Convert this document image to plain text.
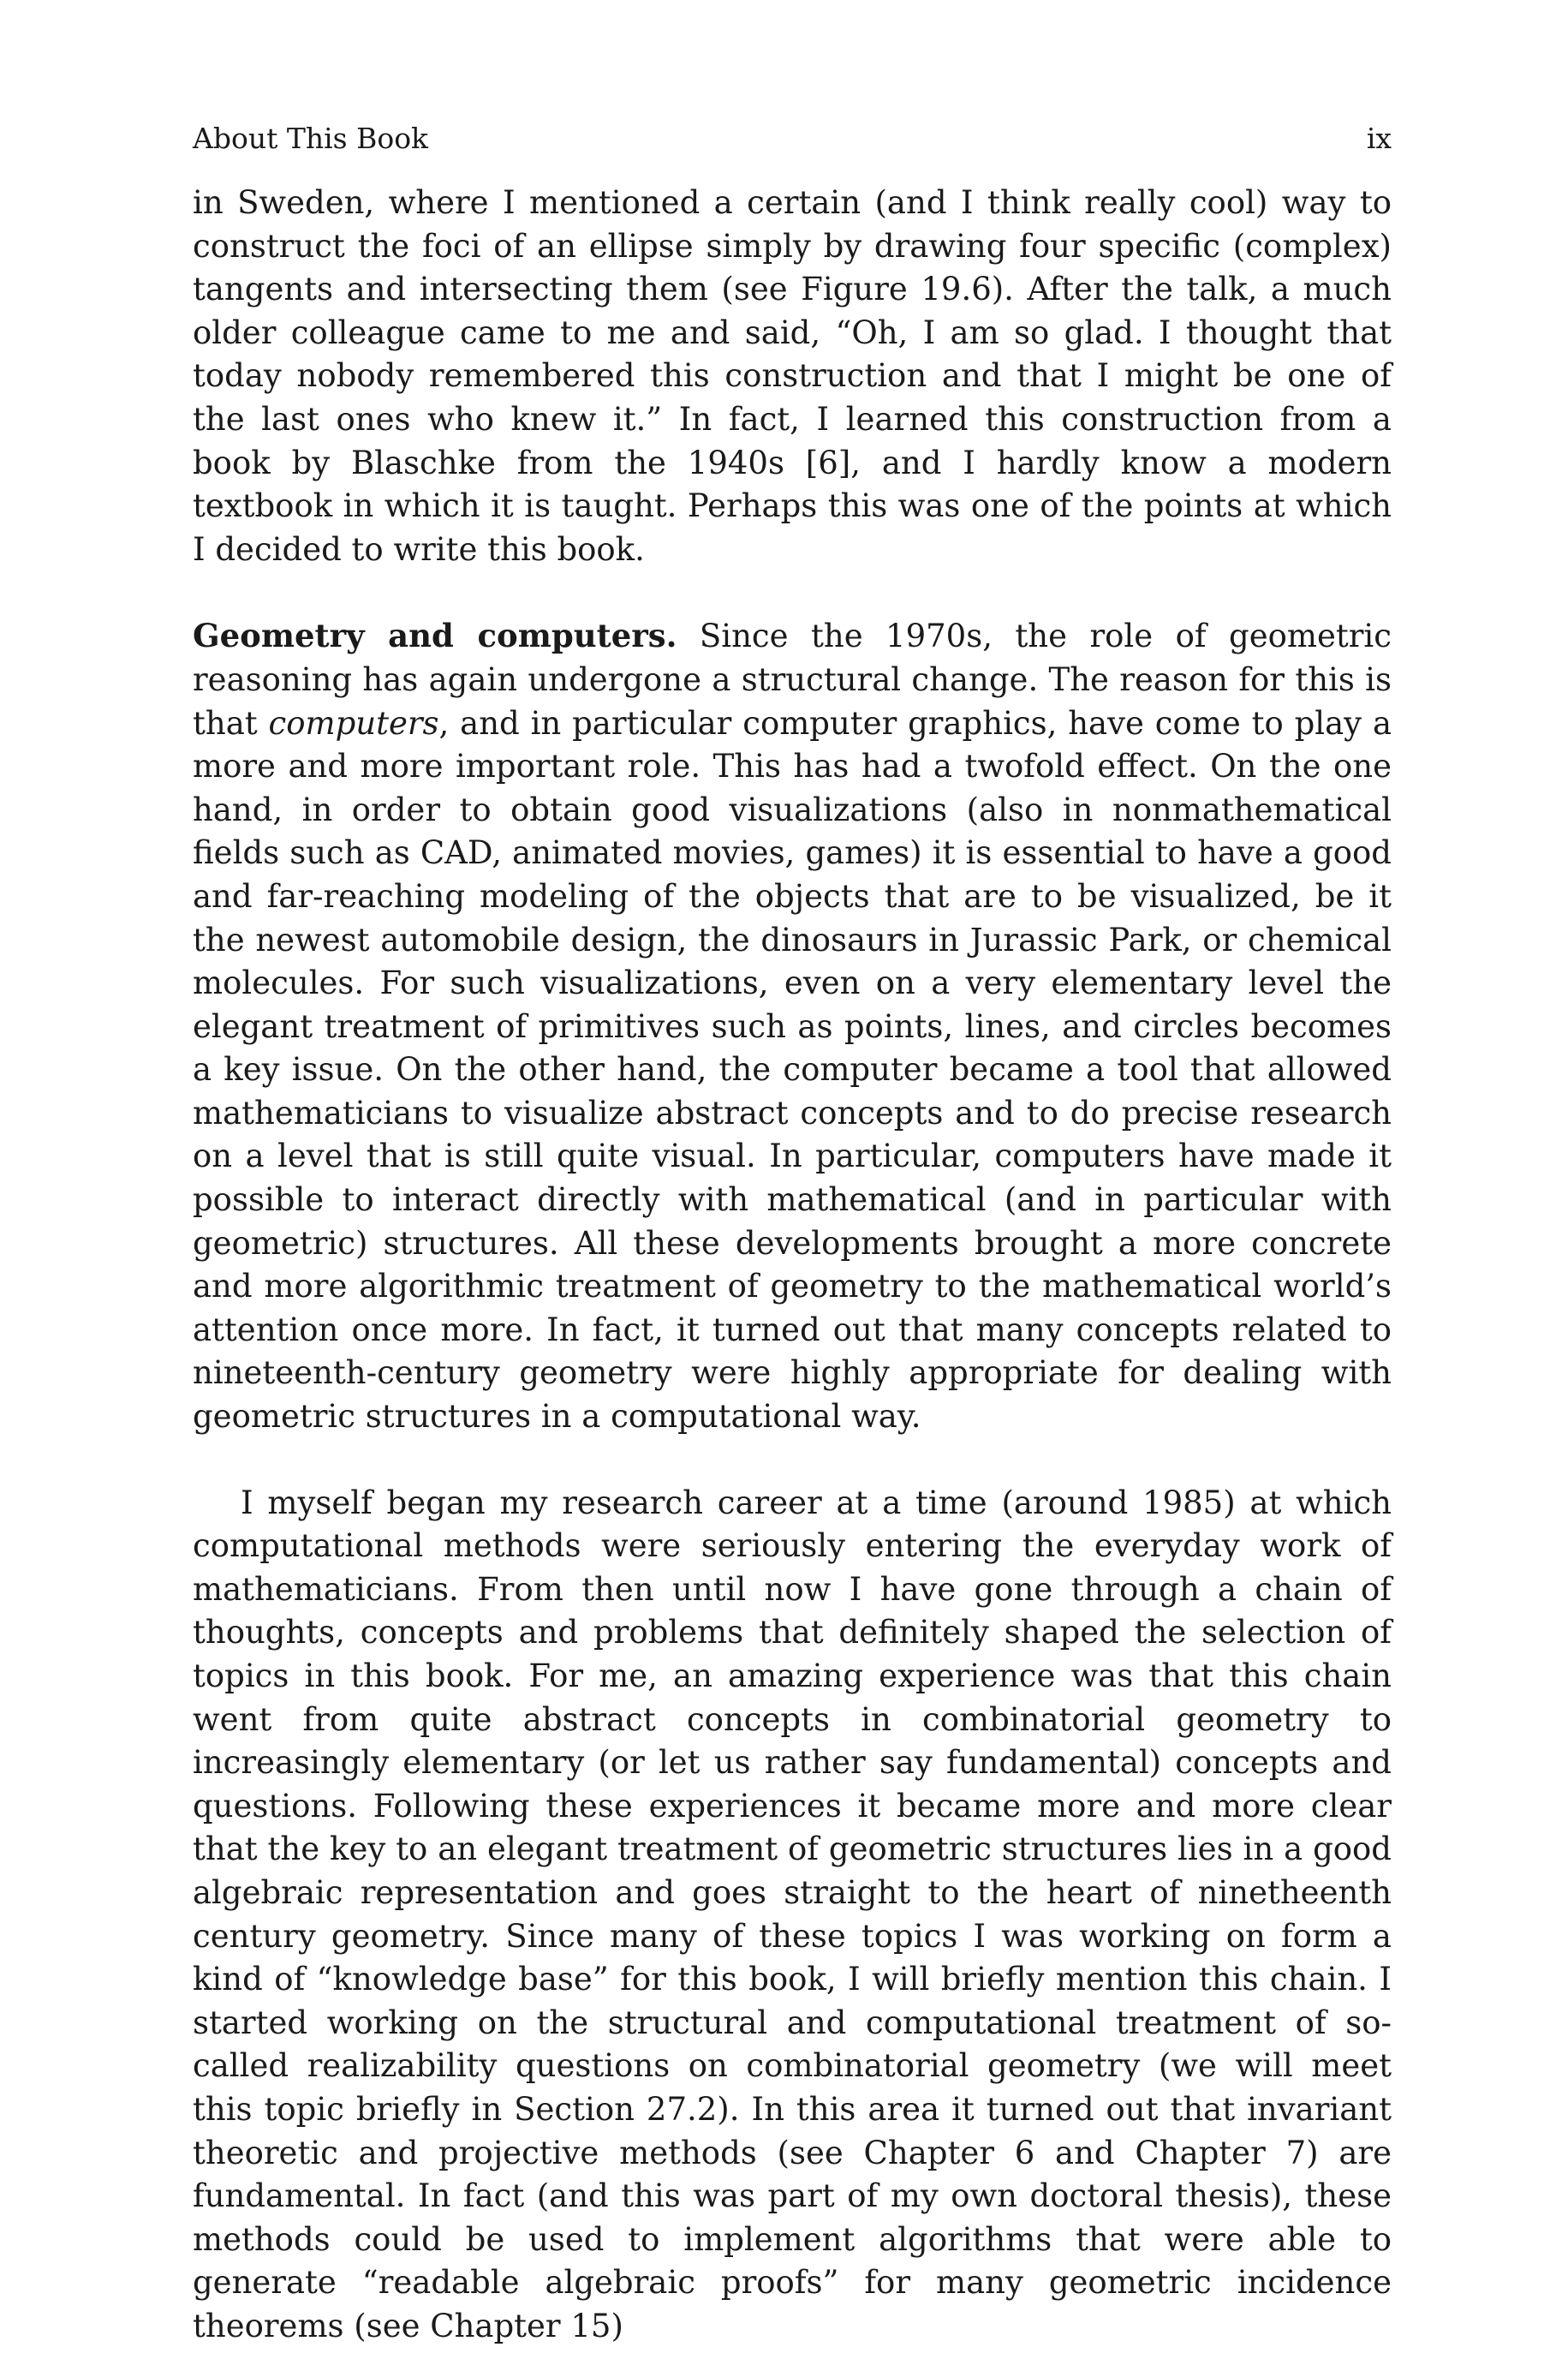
About This Book	ix

in Sweden, where I mentioned a certain (and I think really cool) way to construct the foci of an ellipse simply by drawing four specific (complex) tangents and intersecting them (see Figure 19.6). After the talk, a much older colleague came to me and said, “Oh, I am so glad. I thought that today nobody remembered this construction and that I might be one of the last ones who knew it.” In fact, I learned this construction from a book by Blaschke from the 1940s [6], and I hardly know a modern textbook in which it is taught. Perhaps this was one of the points at which I decided to write this book.

Geometry and computers. Since the 1970s, the role of geometric reasoning has again undergone a structural change. The reason for this is that computers, and in particular computer graphics, have come to play a more and more important role. This has had a twofold effect. On the one hand, in order to obtain good visualizations (also in nonmathematical fields such as CAD, animated movies, games) it is essential to have a good and far-reaching modeling of the objects that are to be visualized, be it the newest automobile design, the dinosaurs in Jurassic Park, or chemical molecules. For such visualizations, even on a very elementary level the elegant treatment of primitives such as points, lines, and circles becomes a key issue. On the other hand, the computer became a tool that allowed mathematicians to visualize abstract concepts and to do precise research on a level that is still quite visual. In particular, computers have made it possible to interact directly with mathematical (and in particular with geometric) structures. All these developments brought a more concrete and more algorithmic treatment of geometry to the mathematical world’s attention once more. In fact, it turned out that many concepts related to nineteenth-century geometry were highly appropriate for dealing with geometric structures in a computational way.

I myself began my research career at a time (around 1985) at which computational methods were seriously entering the everyday work of mathematicians. From then until now I have gone through a chain of thoughts, concepts and problems that definitely shaped the selection of topics in this book. For me, an amazing experience was that this chain went from quite abstract concepts in combinatorial geometry to increasingly elementary (or let us rather say fundamental) concepts and questions. Following these experiences it became more and more clear that the key to an elegant treatment of geometric structures lies in a good algebraic representation and goes straight to the heart of ninetheenth century geometry. Since many of these topics I was working on form a kind of “knowledge base” for this book, I will briefly mention this chain. I started working on the structural and computational treatment of so-called realizability questions on combinatorial geometry (we will meet this topic briefly in Section 27.2). In this area it turned out that invariant theoretic and projective methods (see Chapter 6 and Chapter 7) are fundamental. In fact (and this was part of my own doctoral thesis), these methods could be used to implement algorithms that were able to generate “readable algebraic proofs” for many geometric incidence theorems (see Chapter 15)
